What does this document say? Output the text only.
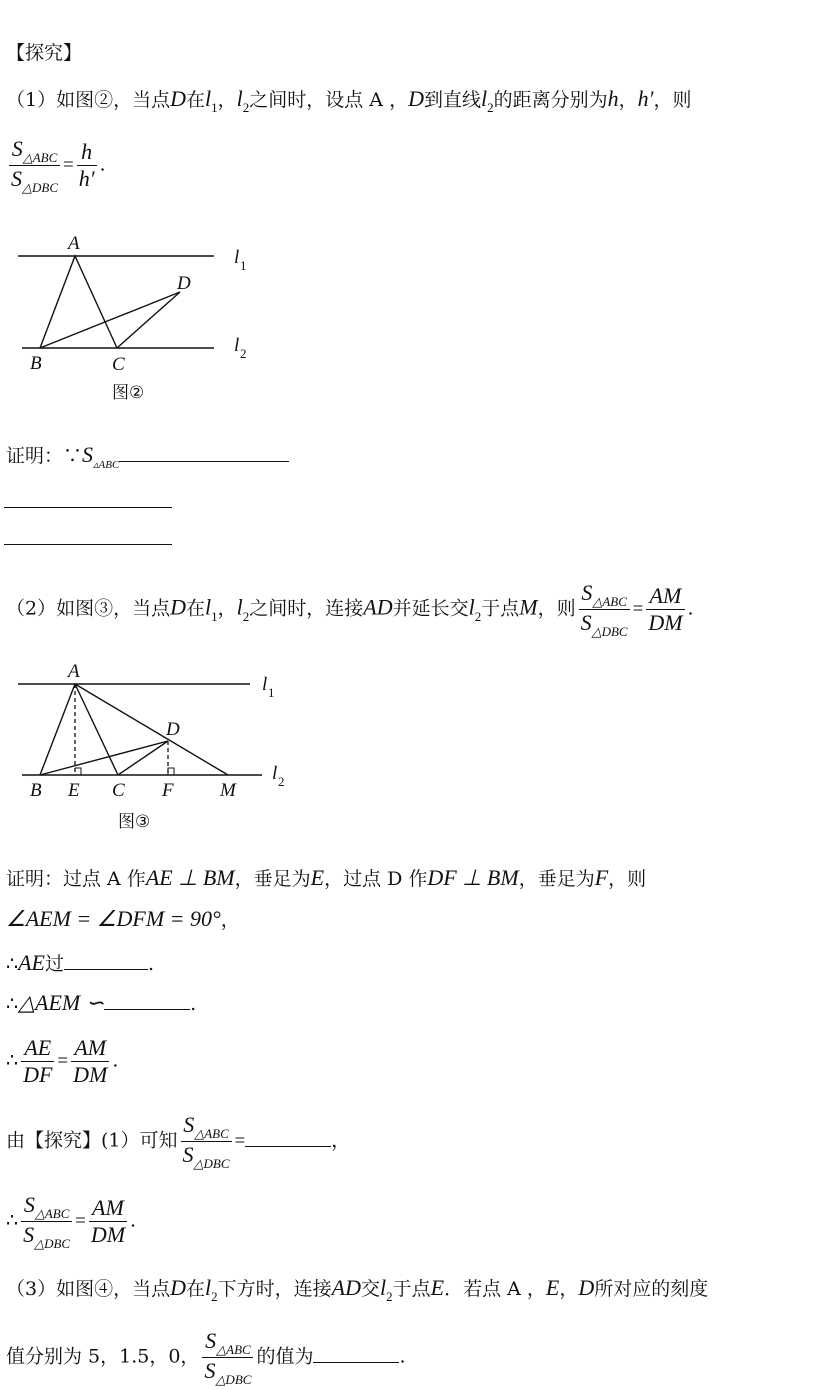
【探究】
（1）如图②，当点D在$l_1$，$l_2$之间时，设点 A ，D到直线$l_2$的距离分别为h，h′，则
$\frac{S_{\triangle ABC}}{S_{\triangle DBC}} = \frac{h}{h'}$ .
A
D
B	C
l 1
l 2
图②
证明：$\because S_{▵ABC}$
（2）如图③，当点D在$l_1$，$l_2$之间时，连接AD并延长交$l_2$于点M，则 $\frac{S_{\triangle ABC}}{S_{\triangle DBC}} = \frac{AM}{DM}$ .
A
D
B E C F M
l 1
l 2
图③
证明：过点 A 作AE ⊥ BM，垂足为E，过点 D 作DF ⊥ BM，垂足为F，则
∠AEM = ∠DFM = 90°，
∴AE过	.
∴△AEM ∽	.
∴ $\frac{AE}{DF} = \frac{AM}{DM}$ .
由【探究】(1）可知 $\frac{S_{\triangle ABC}}{S_{\triangle DBC}}$ =	，
∴ $\frac{S_{\triangle ABC}}{S_{\triangle DBC}} = \frac{AM}{DM}$ .
（3）如图④，当点D在$l_2$下方时，连接AD交$l_2$于点E．若点 A ，E，D所对应的刻度
值分别为 5，1.5，0， $\frac{S_{\triangle ABC}}{S_{\triangle DBC}}$ 的值为	.
